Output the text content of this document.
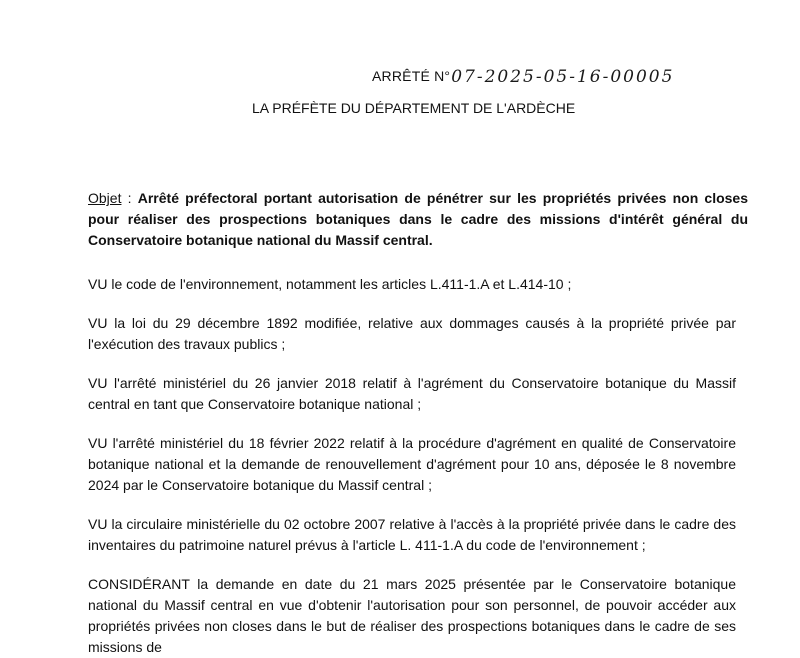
ARRÊTÉ N° 07-2025-05-16-00005
LA PRÉFÈTE DU DÉPARTEMENT DE L'ARDÈCHE
Objet : Arrêté préfectoral portant autorisation de pénétrer sur les propriétés privées non closes pour réaliser des prospections botaniques dans le cadre des missions d'intérêt général du Conservatoire botanique national du Massif central.

VU le code de l'environnement, notamment les articles L.411-1.A et L.414-10 ;

VU la loi du 29 décembre 1892 modifiée, relative aux dommages causés à la propriété privée par l'exécution des travaux publics ;

VU l'arrêté ministériel du 26 janvier 2018 relatif à l'agrément du Conservatoire botanique du Massif central en tant que Conservatoire botanique national ;

VU l'arrêté ministériel du 18 février 2022 relatif à la procédure d'agrément en qualité de Conservatoire botanique national et la demande de renouvellement d'agrément pour 10 ans, déposée le 8 novembre 2024 par le Conservatoire botanique du Massif central ;

VU la circulaire ministérielle du 02 octobre 2007 relative à l'accès à la propriété privée dans le cadre des inventaires du patrimoine naturel prévus à l'article L. 411-1.A du code de l'environnement ;

CONSIDÉRANT la demande en date du 21 mars 2025 présentée par le Conservatoire botanique national du Massif central en vue d'obtenir l'autorisation pour son personnel, de pouvoir accéder aux propriétés privées non closes dans le but de réaliser des prospections botaniques dans le cadre de ses missions de
